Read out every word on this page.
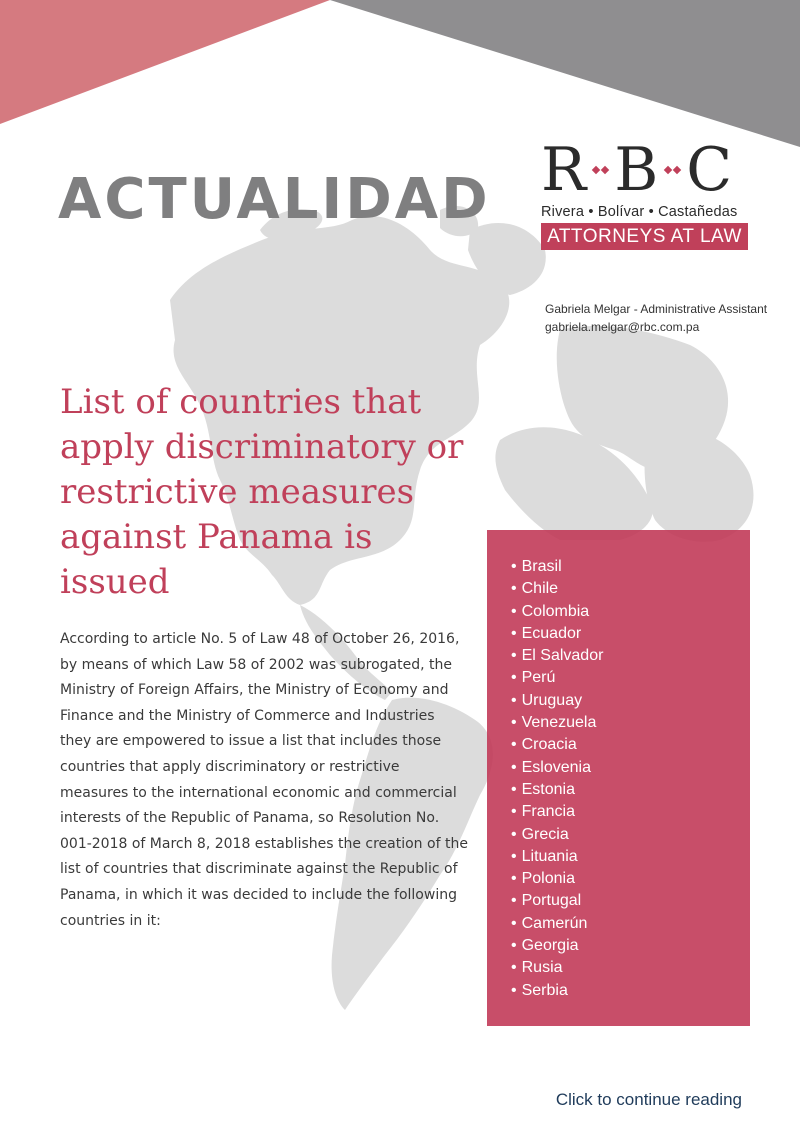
ACTUALIDAD R B C
Rivera • Bolívar • Castañedas
ATTORNEYS AT LAW
Gabriela Melgar - Administrative Assistant
gabriela.melgar@rbc.com.pa
List of countries that apply discriminatory or restrictive measures against Panama is issued

According to article No. 5 of Law 48 of October 26, 2016, by means of which Law 58 of 2002 was subrogated, the Ministry of Foreign Affairs, the Ministry of Economy and Finance and the Ministry of Commerce and Industries they are empowered to issue a list that includes those countries that apply discriminatory or restrictive measures to the international economic and commercial interests of the Republic of Panama, so Resolution No. 001-2018 of March 8, 2018 establishes the creation of the list of countries that discriminate against the Republic of Panama, in which it was decided to include the following countries in it:

• Brasil
• Chile
• Colombia
• Ecuador
• El Salvador
• Perú
• Uruguay
• Venezuela
• Croacia
• Eslovenia
• Estonia
• Francia
• Grecia
• Lituania
• Polonia
• Portugal
• Camerún
• Georgia
• Rusia
• Serbia
Click to continue reading
